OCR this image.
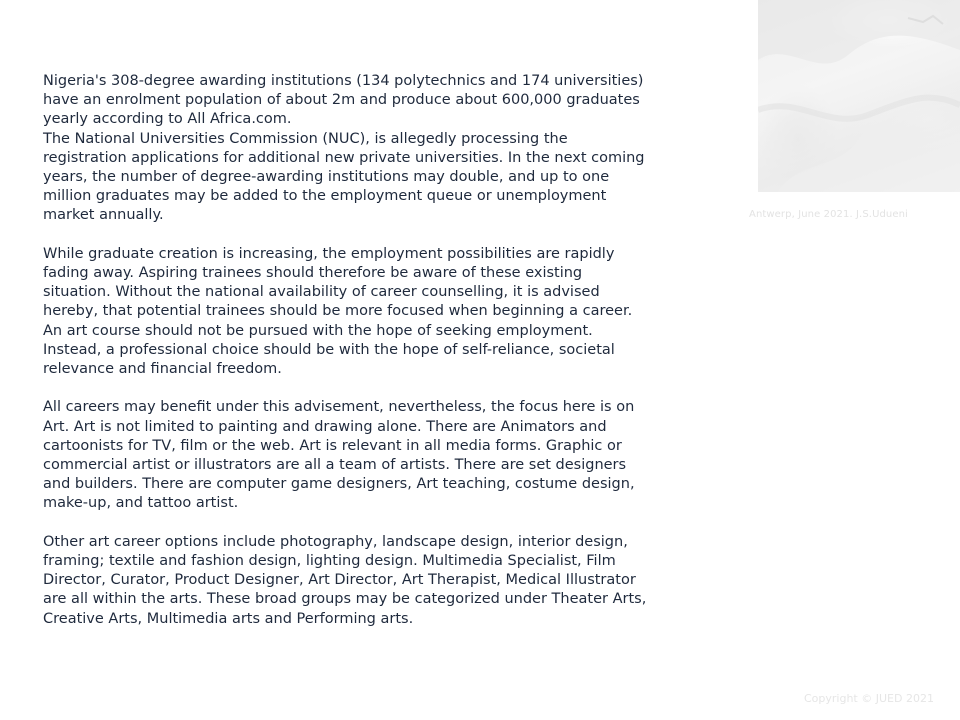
Antwerp, June 2021. J.S.Udueni
Nigeria's 308-degree awarding institutions (134 polytechnics and 174 universities)
have an enrolment population of about 2m and produce about 600,000 graduates
yearly according to All Africa.com.
The National Universities Commission (NUC), is allegedly processing the
registration applications for additional new private universities. In the next coming
years, the number of degree-awarding institutions may double, and up to one
million graduates may be added to the employment queue or unemployment
market annually.
While graduate creation is increasing, the employment possibilities are rapidly
fading away. Aspiring trainees should therefore be aware of these existing
situation. Without the national availability of career counselling, it is advised
hereby, that potential trainees should be more focused when beginning a career.
An art course should not be pursued with the hope of seeking employment.
Instead, a professional choice should be with the hope of self-reliance, societal
relevance and financial freedom.
All careers may benefit under this advisement, nevertheless, the focus here is on
Art. Art is not limited to painting and drawing alone. There are Animators and
cartoonists for TV, film or the web. Art is relevant in all media forms. Graphic or
commercial artist or illustrators are all a team of artists. There are set designers
and builders. There are computer game designers, Art teaching, costume design,
make-up, and tattoo artist.
Other art career options include photography, landscape design, interior design,
framing; textile and fashion design, lighting design. Multimedia Specialist, Film
Director, Curator, Product Designer, Art Director, Art Therapist, Medical Illustrator
are all within the arts. These broad groups may be categorized under Theater Arts,
Creative Arts, Multimedia arts and Performing arts.
Copyright © JUED 2021
